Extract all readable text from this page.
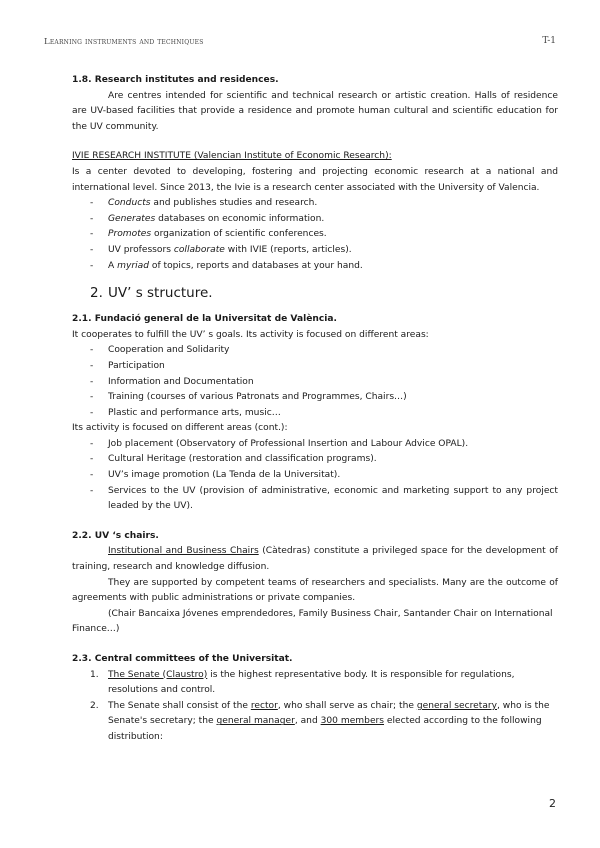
Learning instruments and techniques	T-1

1.8. Research institutes and residences.

Are centres intended for scientific and technical research or artistic creation. Halls of residence are UV-based facilities that provide a residence and promote human cultural and scientific education for the UV community.

IVIE RESEARCH INSTITUTE (Valencian Institute of Economic Research):

Is a center devoted to developing, fostering and projecting economic research at a national and international level. Since 2013, the Ivie is a research center associated with the University of Valencia.

- Conducts and publishes studies and research.
- Generates databases on economic information.
- Promotes organization of scientific conferences.
- UV professors collaborate with IVIE (reports, articles).
- A myriad of topics, reports and databases at your hand.
2. UV’ s structure.

2.1. Fundació general de la Universitat de València.

It cooperates to fulfill the UV’ s goals. Its activity is focused on different areas:

- Cooperation and Solidarity
- Participation
- Information and Documentation
- Training (courses of various Patronats and Programmes, Chairs…)
- Plastic and performance arts, music…

Its activity is focused on different areas (cont.):

- Job placement (Observatory of Professional Insertion and Labour Advice OPAL).
- Cultural Heritage (restoration and classification programs).
- UV’s image promotion (La Tenda de la Universitat).
- Services to the UV (provision of administrative, economic and marketing support to any project leaded by the UV).

2.2. UV ‘s chairs.

Institutional and Business Chairs (Càtedras) constitute a privileged space for the development of training, research and knowledge diffusion.

They are supported by competent teams of researchers and specialists. Many are the outcome of agreements with public administrations or private companies.

(Chair Bancaixa Jóvenes emprendedores, Family Business Chair, Santander Chair on International Finance…)

2.3. Central committees of the Universitat.

1. The Senate (Claustro) is the highest representative body. It is responsible for regulations, resolutions and control.
2. The Senate shall consist of the rector, who shall serve as chair; the general secretary, who is the Senate's secretary; the general manager, and 300 members elected according to the following distribution:
2
